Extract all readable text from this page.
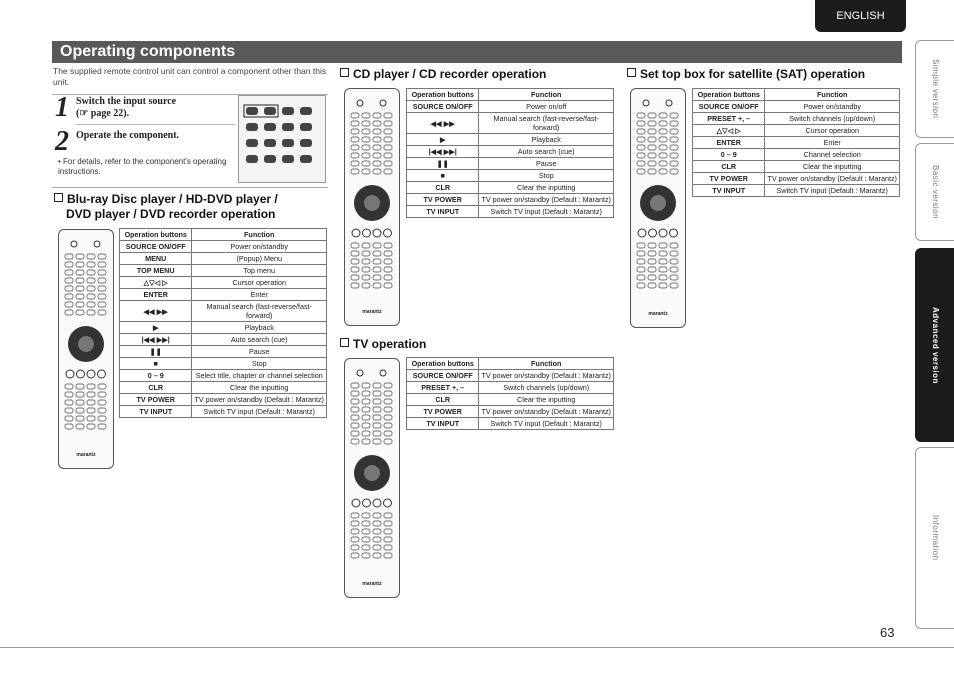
ENGLISH
Operating components
The supplied remote control unit can control a component other than this unit.
1 Switch the input source
(☞ page 22).
2 Operate the component.
• For details, refer to the component's operating instructions.
Blu-ray Disc player / HD-DVD player /
DVD player / DVD recorder operation
marantz
Operation buttons	Function
SOURCE ON/OFF	Power on/standby
MENU	(Popup) Menu
TOP MENU	Top menu
△▽◁ ▷	Cursor operation
ENTER	Enter
◀◀ ▶▶	Manual search (fast-reverse/fast-forward)
▶	Playback
|◀◀ ▶▶|	Auto search (cue)
❚❚	Pause
■	Stop
0 – 9	Select title, chapter or channel selection
CLR	Clear the inputting
TV POWER	TV power on/standby (Default : Marantz)
TV INPUT	Switch TV input (Default : Marantz)
CD player / CD recorder operation
marantz
Operation buttons	Function
SOURCE ON/OFF	Power on/off
◀◀ ▶▶	Manual search (fast-reverse/fast-forward)
▶	Playback
|◀◀ ▶▶|	Auto search (cue)
❚❚	Pause
■	Stop
CLR	Clear the inputting
TV POWER	TV power on/standby (Default : Marantz)
TV INPUT	Switch TV input (Default : Marantz)
TV operation
marantz
Operation buttons	Function
SOURCE ON/OFF	TV power on/standby (Default : Marantz)
PRESET +, –	Switch channels (up/down)
CLR	Clear the inputting
TV POWER	TV power on/standby (Default : Marantz)
TV INPUT	Switch TV input (Default : Marantz)
Set top box for satellite (SAT) operation
marantz
Operation buttons	Function
SOURCE ON/OFF	Power on/standby
PRESET +, –	Switch channels (up/down)
△▽◁ ▷	Cursor operation
ENTER	Enter
0 – 9	Channel selection
CLR	Clear the inputting
TV POWER	TV power on/standby (Default : Marantz)
TV INPUT	Switch TV input (Default : Marantz)
Simple version
Basic version
Advanced version
Information
63
